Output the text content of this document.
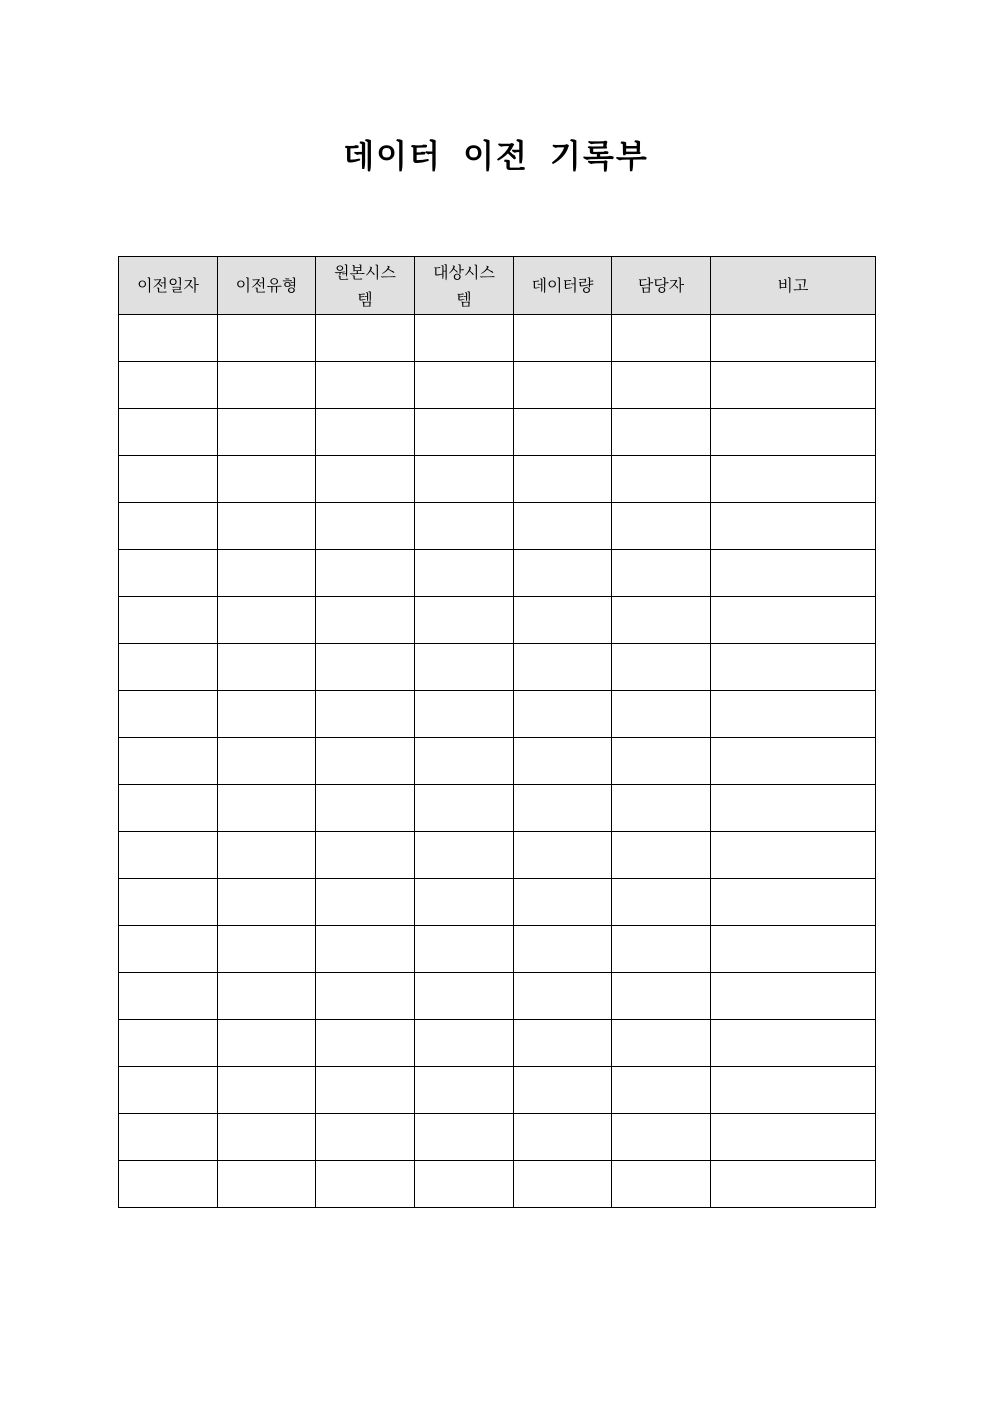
데이터 이전 기록부
이전일자	이전유형	원본시스템	대상시스템	데이터량	담당자	비고
